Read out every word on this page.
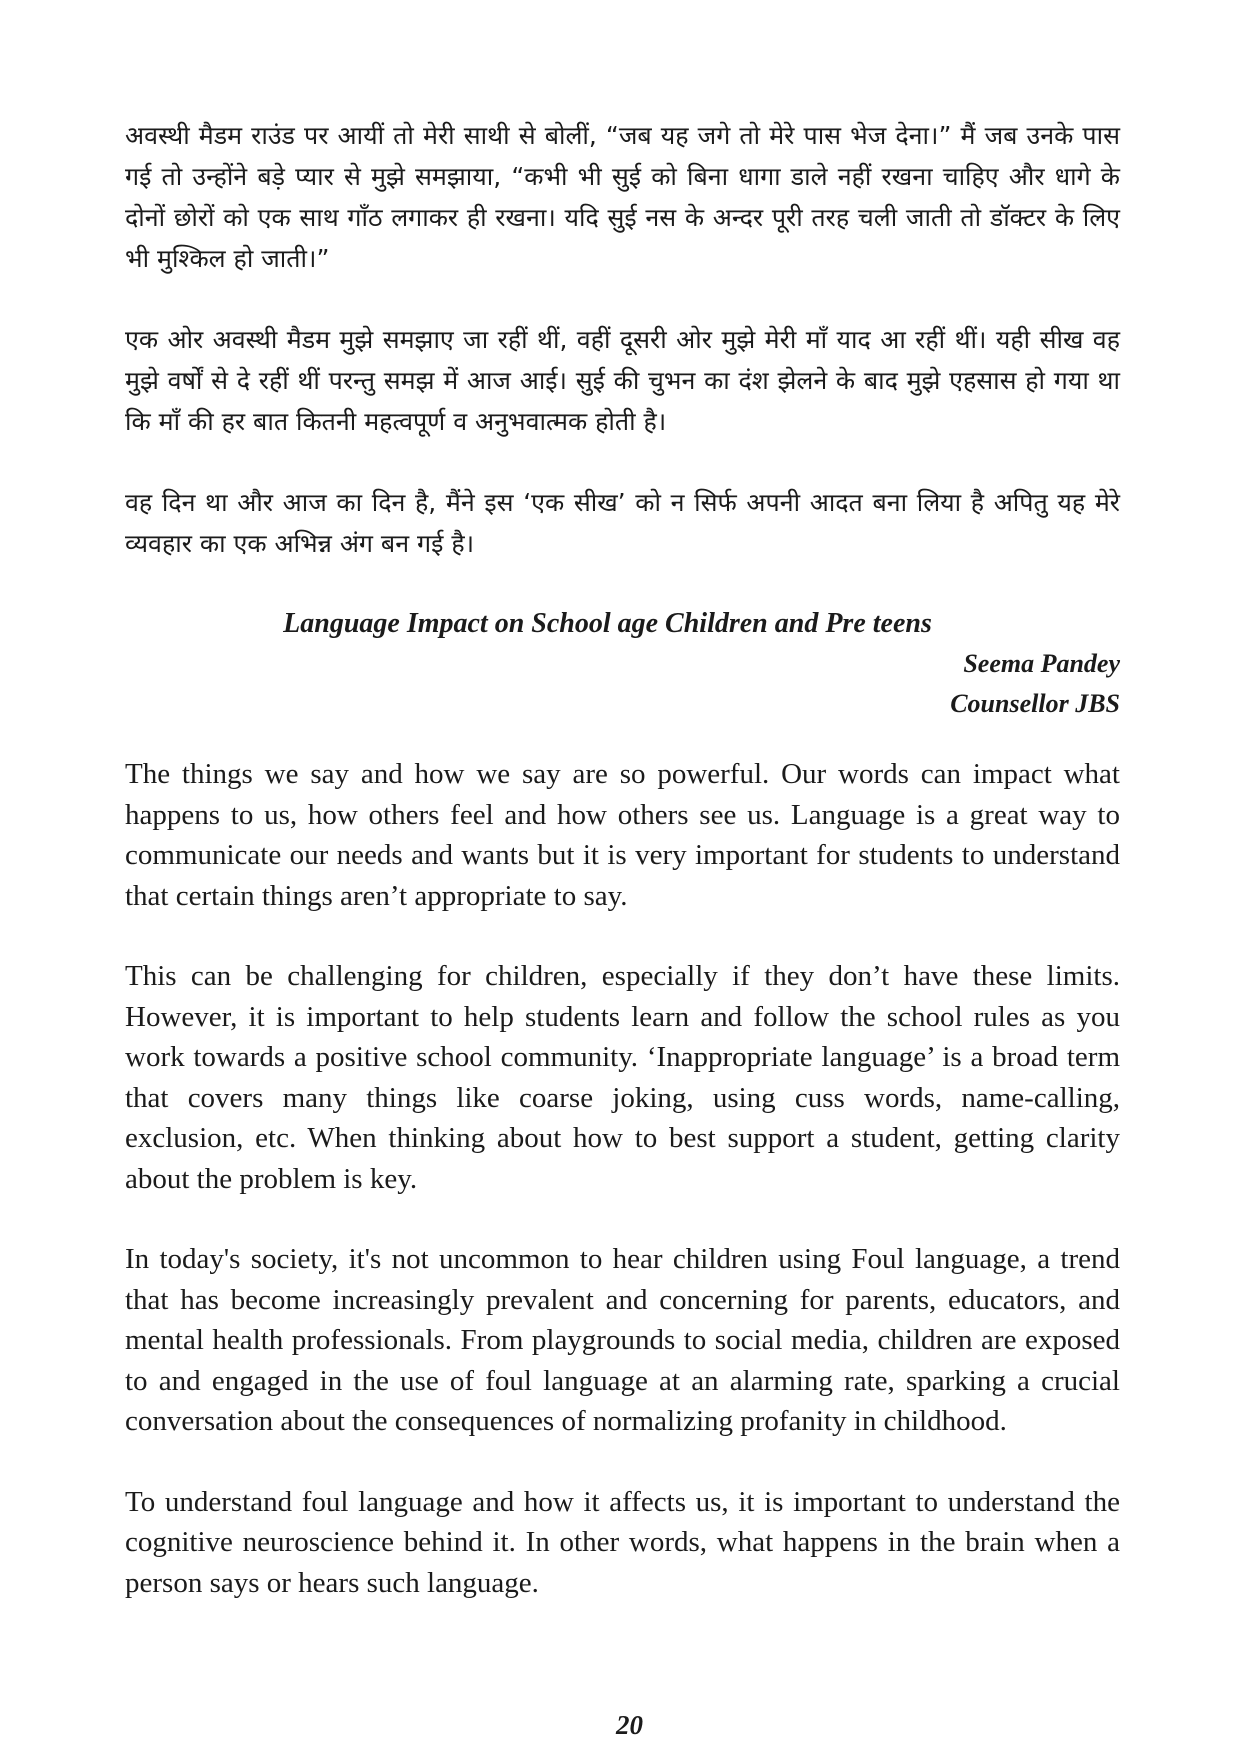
अवस्थी मैडम राउंड पर आयीं तो मेरी साथी से बोलीं, “जब यह जगे तो मेरे पास भेज देना।” मैं जब उनके पास गई तो उन्होंने बड़े प्यार से मुझे समझाया, “कभी भी सुई को बिना धागा डाले नहीं रखना चाहिए और धागे के दोनों छोरों को एक साथ गाँठ लगाकर ही रखना। यदि सुई नस के अन्दर पूरी तरह चली जाती तो डॉक्टर के लिए भी मुश्किल हो जाती।”

एक ओर अवस्थी मैडम मुझे समझाए जा रहीं थीं, वहीं दूसरी ओर मुझे मेरी माँ याद आ रहीं थीं। यही सीख वह मुझे वर्षों से दे रहीं थीं परन्तु समझ में आज आई। सुई की चुभन का दंश झेलने के बाद मुझे एहसास हो गया था कि माँ की हर बात कितनी महत्वपूर्ण व अनुभवात्मक होती है।

वह दिन था और आज का दिन है, मैंने इस ‘एक सीख’ को न सिर्फ अपनी आदत बना लिया है अपितु यह मेरे व्यवहार का एक अभिन्न अंग बन गई है।

Language Impact on School age Children and Pre teens

Seema Pandey

Counsellor JBS

The things we say and how we say are so powerful. Our words can impact what happens to us, how others feel and how others see us. Language is a great way to communicate our needs and wants but it is very important for students to understand that certain things aren’t appropriate to say.

This can be challenging for children, especially if they don’t have these limits. However, it is important to help students learn and follow the school rules as you work towards a positive school community. ‘Inappropriate language’ is a broad term that covers many things like coarse joking, using cuss words, name-calling, exclusion, etc. When thinking about how to best support a student, getting clarity about the problem is key.

In today's society, it's not uncommon to hear children using Foul language, a trend that has become increasingly prevalent and concerning for parents, educators, and mental health professionals. From playgrounds to social media, children are exposed to and engaged in the use of foul language at an alarming rate, sparking a crucial conversation about the consequences of normalizing profanity in childhood.

To understand foul language and how it affects us, it is important to understand the cognitive neuroscience behind it. In other words, what happens in the brain when a person says or hears such language.

20
